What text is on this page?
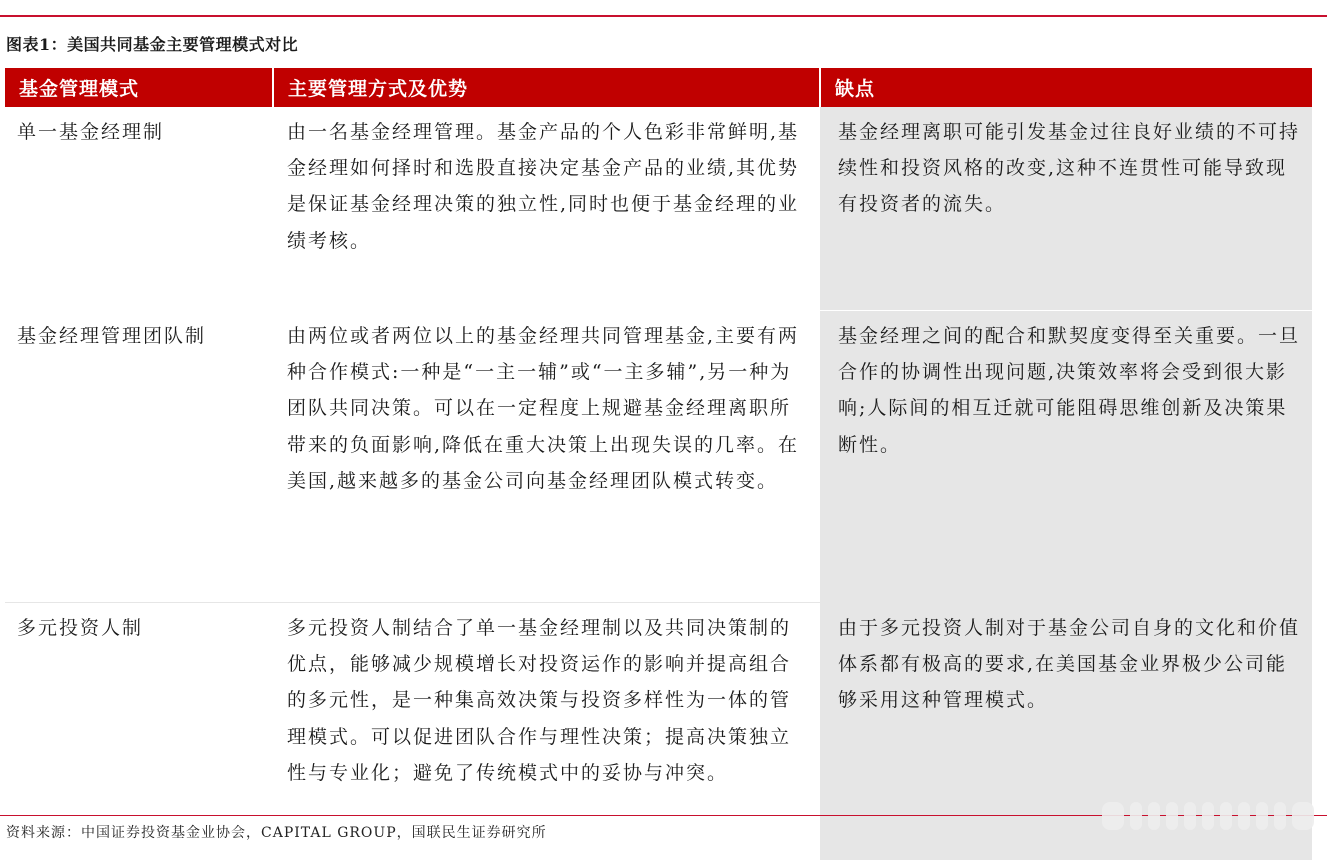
图表1：美国共同基金主要管理模式对比
基金管理模式	主要管理方式及优势	缺点
单一基金经理制	由一名基金经理管理。基金产品的个人色彩非常鲜明,基金经理如何择时和选股直接决定基金产品的业绩,其优势是保证基金经理决策的独立性,同时也便于基金经理的业绩考核。	基金经理离职可能引发基金过往良好业绩的不可持续性和投资风格的改变,这种不连贯性可能导致现有投资者的流失。
基金经理管理团队制	由两位或者两位以上的基金经理共同管理基金,主要有两种合作模式:一种是“一主一辅”或“一主多辅”,另一种为团队共同决策。可以在一定程度上规避基金经理离职所带来的负面影响,降低在重大决策上出现失误的几率。在美国,越来越多的基金公司向基金经理团队模式转变。	基金经理之间的配合和默契度变得至关重要。一旦合作的协调性出现问题,决策效率将会受到很大影响;人际间的相互迁就可能阻碍思维创新及决策果断性。
多元投资人制	多元投资人制结合了单一基金经理制以及共同决策制的优点，能够减少规模增长对投资运作的影响并提高组合的多元性，是一种集高效决策与投资多样性为一体的管理模式。可以促进团队合作与理性决策；提高决策独立性与专业化；避免了传统模式中的妥协与冲突。	由于多元投资人制对于基金公司自身的文化和价值体系都有极高的要求,在美国基金业界极少公司能够采用这种管理模式。
资料来源：中国证券投资基金业协会，CAPITAL GROUP，国联民生证券研究所
